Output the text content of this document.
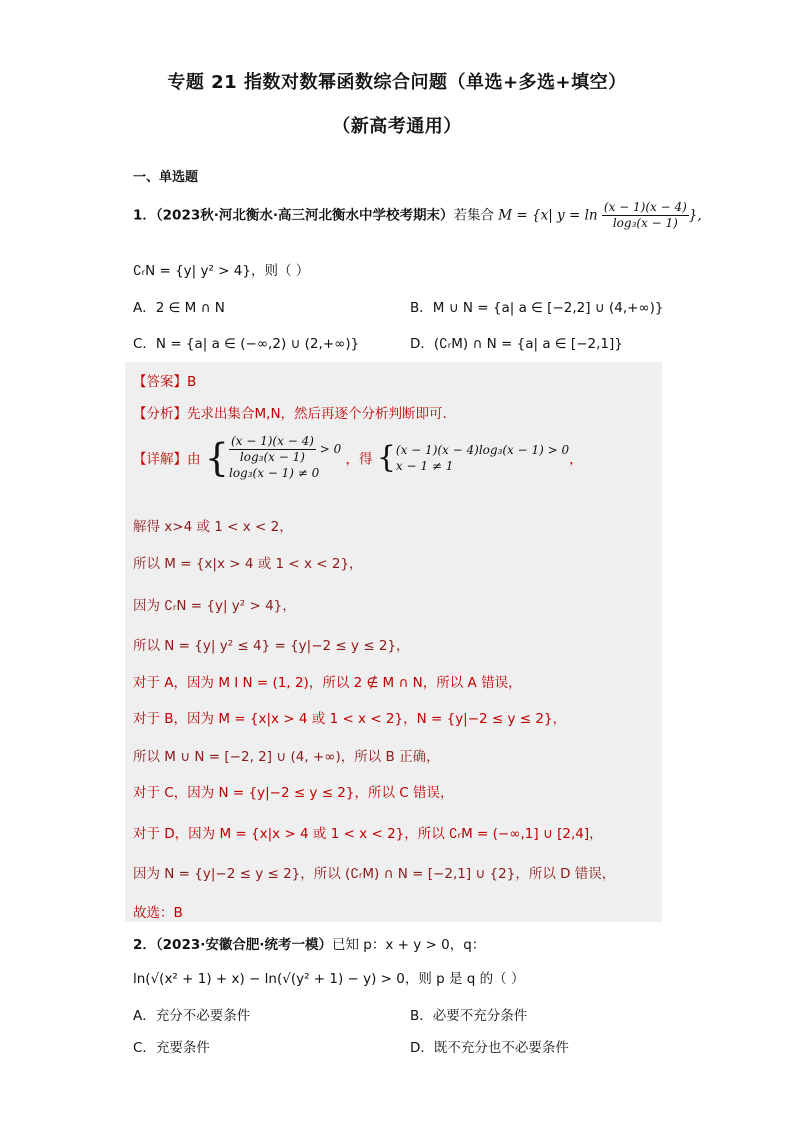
专题 21 指数对数幂函数综合问题（单选+多选+填空）
（新高考通用）
一、单选题
1．（2023秋·河北衡水·高三河北衡水中学校考期末）若集合 M = {x| $y = \ln \frac{(x - 1)(x - 4)}{\text{log₃(x − 1)}}$ },
∁ᵣN = {y| y² > 4}，则（ ）
A．2 ∈ M ∩ N	B．M ∪ N = {a| a ∈ [−2,2] ∪ (4,+∞)}
C．N = {a| a ∈ (−∞,2) ∪ (2,+∞)}	D．(∁ᵣM) ∩ N = {a| a ∈ [−2,1]}
【答案】B
【分析】先求出集合M,N，然后再逐个分析判断即可.
【详解】由 { $\frac{(x - 1)(x - 4)}{\text{log₃(x − 1)}} > 0$
log₃(x − 1) ≠ 0
，得 { (x − 1)(x − 4)log₃(x − 1) > 0
x − 1 ≠ 1	，
解得 x>4 或 1 < x < 2，
所以 M = {x|x > 4 或 1 < x < 2}，
因为 ∁ᵣN = {y| y² > 4}，
所以 N = {y| y² ≤ 4} = {y|−2 ≤ y ≤ 2}，
对于 A，因为 M I N = (1, 2)，所以 2 ∉ M ∩ N，所以 A 错误，
对于 B，因为 M = {x|x > 4 或 1 < x < 2}，N = {y|−2 ≤ y ≤ 2}，
所以 M ∪ N = [−2, 2] ∪ (4, +∞)，所以 B 正确，
对于 C，因为 N = {y|−2 ≤ y ≤ 2}，所以 C 错误，
对于 D，因为 M = {x|x > 4 或 1 < x < 2}，所以 ∁ᵣM = (−∞,1] ∪ [2,4]，
因为 N = {y|−2 ≤ y ≤ 2}，所以 (∁ᵣM) ∩ N = [−2,1] ∪ {2}，所以 D 错误，
故选：B
2．（2023·安徽合肥·统考一模）已知 p：x + y > 0，q：
ln(√(x² + 1) + x) − ln(√(y² + 1) − y) > 0，则 p 是 q 的（ ）
A．充分不必要条件	B．必要不充分条件
C．充要条件	D．既不充分也不必要条件
